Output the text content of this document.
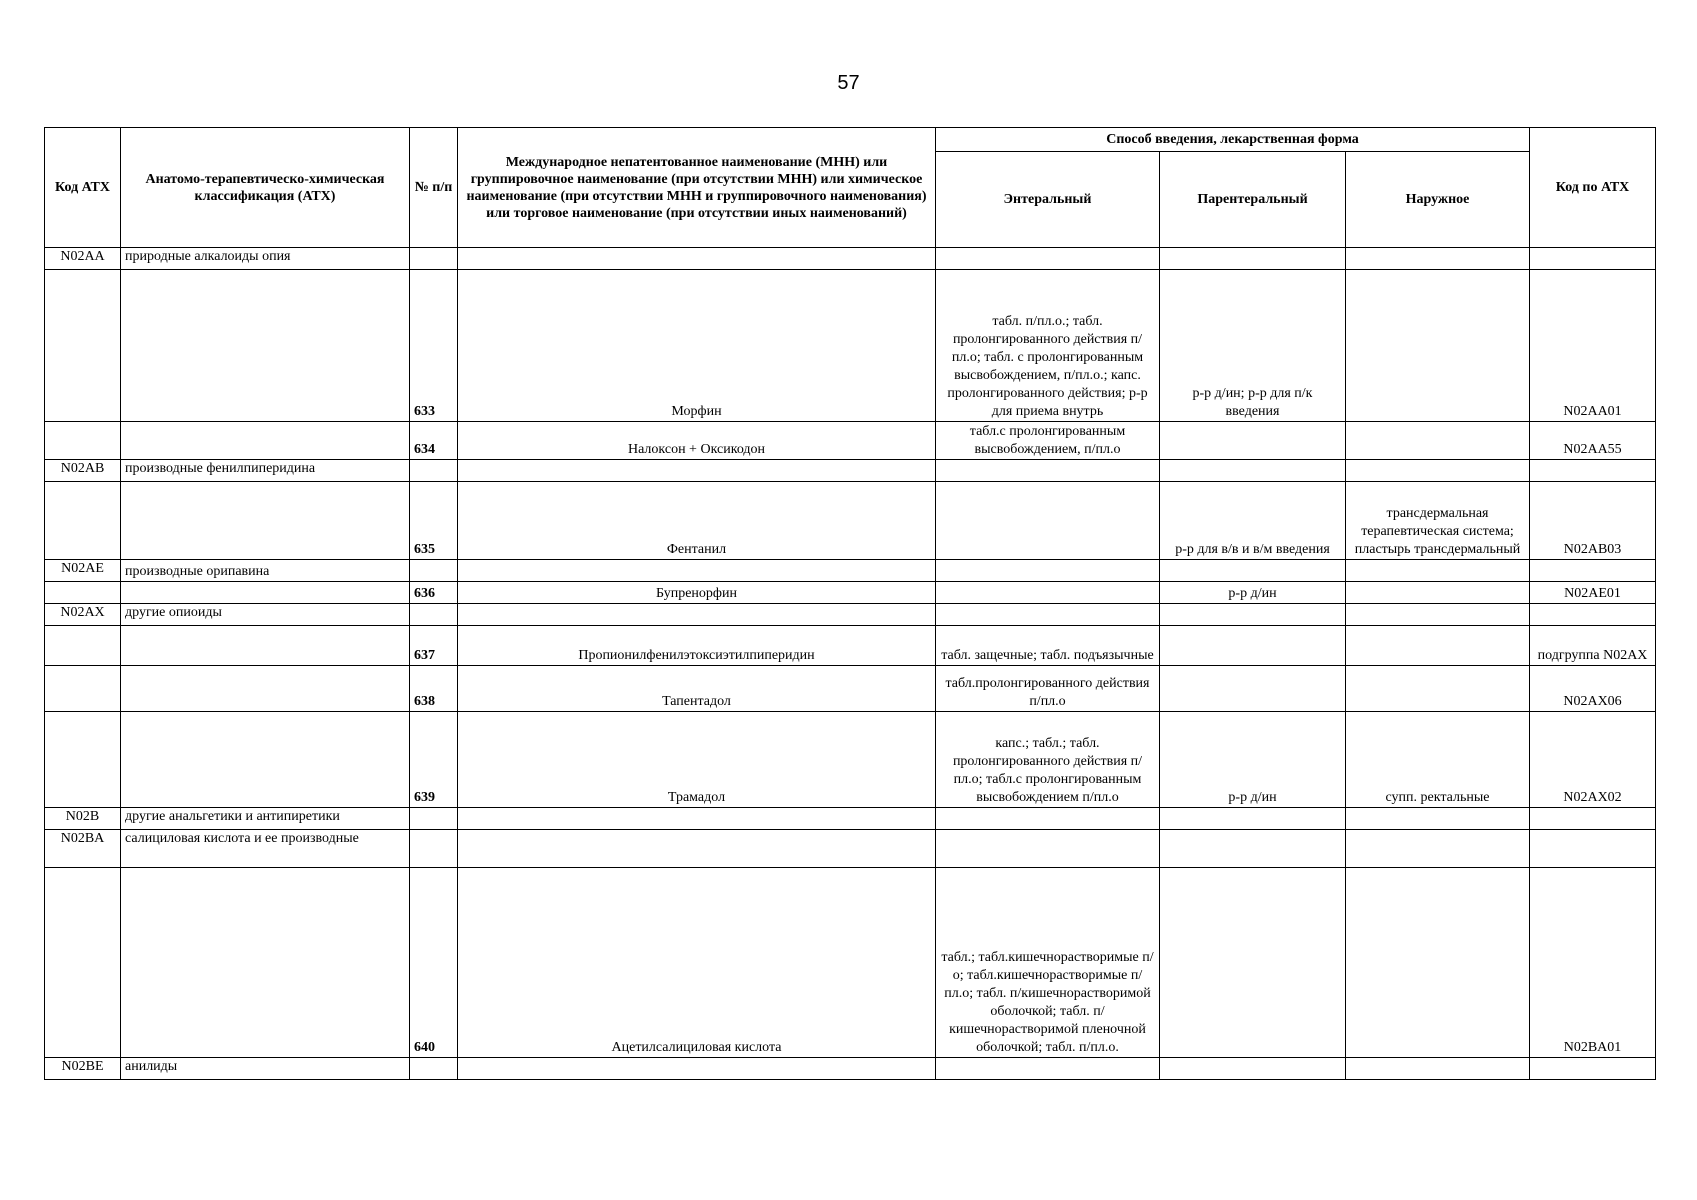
57
Код АТХ	Анатомо-терапевтическо-химическая классификация (АТХ)	№ п/п	Международное непатентованное наименование (МНН) или группировочное наименование (при отсутствии МНН) или химическое наименование (при отсутствии МНН и группировочного наименования) или торговое наименование (при отсутствии иных наименований)	Способ введения, лекарственная форма			Код по АТХ
				Энтеральный	Парентеральный	Наружное	
N02AA	природные алкалоиды опия						
		633	Морфин	табл. п/пл.о.; табл. пролонгированного действия п/пл.о; табл. с пролонгированным высвобождением, п/пл.о.; капс. пролонгированного действия; р-р для приема внутрь	р-р д/ин; р-р для п/к введения		N02AA01
		634	Налоксон + Оксикодон	табл.с пролонгированным высвобождением, п/пл.о			N02AA55
N02AB	производные фенилпиперидина						
		635	Фентанил		р-р для в/в и в/м введения	трансдермальная терапевтическая система; пластырь трансдермальный	N02AB03
N02AE	производные орипавина						
		636	Бупренорфин		р-р д/ин		N02AE01
N02AX	другие опиоиды						
		637	Пропионилфенилэтоксиэтилпиперидин	табл. защечные; табл. подъязычные			подгруппа N02AX
		638	Тапентадол	табл.пролонгированного действия п/пл.о			N02AX06
		639	Трамадол	капс.; табл.; табл. пролонгированного действия п/пл.о; табл.с пролонгированным высвобождением п/пл.о	р-р д/ин	супп. ректальные	N02AX02
N02B	другие анальгетики и антипиретики						
N02BA	салициловая кислота и ее производные						
		640	Ацетилсалициловая кислота	табл.; табл.кишечнорастворимые п/о; табл.кишечнорастворимые п/пл.о; табл. п/кишечнорастворимой оболочкой; табл. п/кишечнорастворимой пленочной оболочкой; табл. п/пл.о.			N02BA01
N02BE	анилиды						
